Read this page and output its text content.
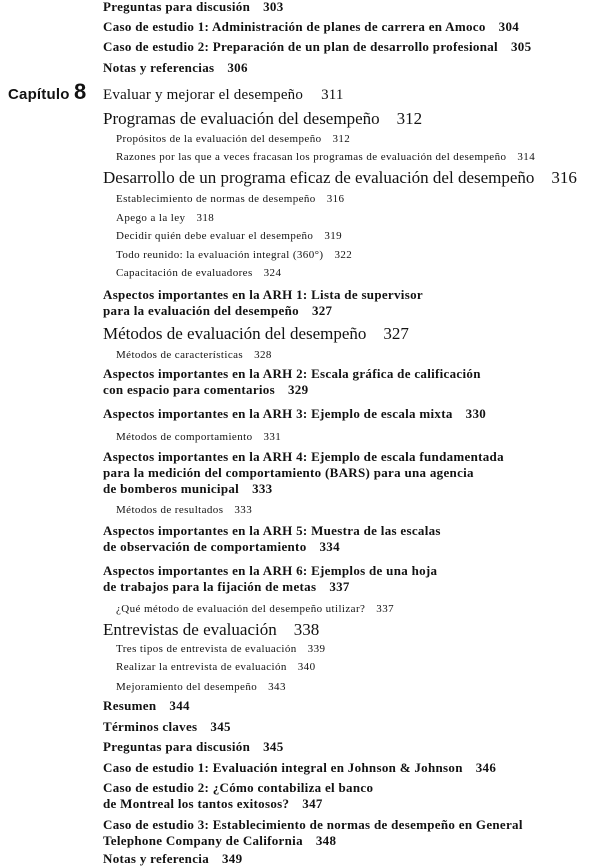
Preguntas para discusión 303
Caso de estudio 1: Administración de planes de carrera en Amoco 304
Caso de estudio 2: Preparación de un plan de desarrollo profesional 305
Notas y referencias 306
Capítulo 8	Evaluar y mejorar el desempeño 311
Programas de evaluación del desempeño 312
Propósitos de la evaluación del desempeño 312
Razones por las que a veces fracasan los programas de evaluación del desempeño 314
Desarrollo de un programa eficaz de evaluación del desempeño 316
Establecimiento de normas de desempeño 316
Apego a la ley 318
Decidir quién debe evaluar el desempeño 319
Todo reunido: la evaluación integral (360°) 322
Capacitación de evaluadores 324
Aspectos importantes en la ARH 1: Lista de supervisor
para la evaluación del desempeño 327
Métodos de evaluación del desempeño 327
Métodos de características 328
Aspectos importantes en la ARH 2: Escala gráfica de calificación
con espacio para comentarios 329
Aspectos importantes en la ARH 3: Ejemplo de escala mixta 330
Métodos de comportamiento 331
Aspectos importantes en la ARH 4: Ejemplo de escala fundamentada
para la medición del comportamiento (BARS) para una agencia
de bomberos municipal 333
Métodos de resultados 333
Aspectos importantes en la ARH 5: Muestra de las escalas
de observación de comportamiento 334
Aspectos importantes en la ARH 6: Ejemplos de una hoja
de trabajos para la fijación de metas 337
¿Qué método de evaluación del desempeño utilizar? 337
Entrevistas de evaluación 338
Tres tipos de entrevista de evaluación 339
Realizar la entrevista de evaluación 340
Mejoramiento del desempeño 343
Resumen 344
Términos claves 345
Preguntas para discusión 345
Caso de estudio 1: Evaluación integral en Johnson & Johnson 346
Caso de estudio 2: ¿Cómo contabiliza el banco
de Montreal los tantos exitosos? 347
Caso de estudio 3: Establecimiento de normas de desempeño en General
Telephone Company de California 348
Notas y referencia 349
